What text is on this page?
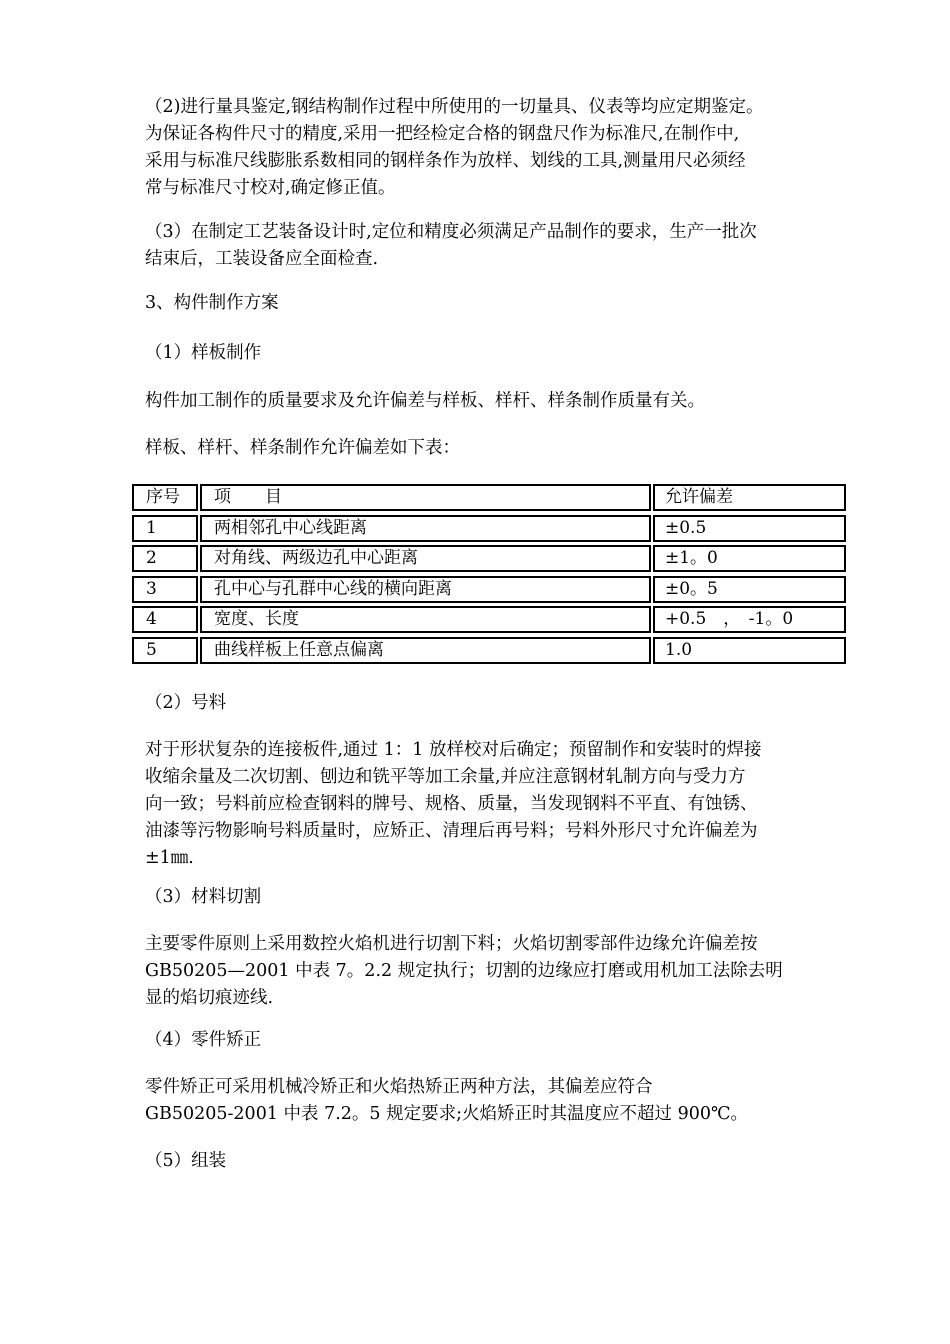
（2)进行量具鉴定,钢结构制作过程中所使用的一切量具、仪表等均应定期鉴定。
为保证各构件尺寸的精度,采用一把经检定合格的钢盘尺作为标准尺,在制作中,
采用与标准尺线膨胀系数相同的钢样条作为放样、划线的工具,测量用尺必须经
常与标准尺寸校对,确定修正值。
（3）在制定工艺装备设计时,定位和精度必须满足产品制作的要求，生产一批次
结束后，工装设备应全面检查.
3、构件制作方案
（1）样板制作
构件加工制作的质量要求及允许偏差与样板、样杆、样条制作质量有关。
样板、样杆、样条制作允许偏差如下表：
序号	项　　目	允许偏差
1	两相邻孔中心线距离	±0.5
2	对角线、两级边孔中心距离	±1。0
3	孔中心与孔群中心线的横向距离	±0。5
4	宽度、长度	+0.5　，　-1。0
5	曲线样板上任意点偏离	1.0
（2）号料
对于形状复杂的连接板件,通过 1：1 放样校对后确定；预留制作和安装时的焊接
收缩余量及二次切割、刨边和铣平等加工余量,并应注意钢材轧制方向与受力方
向一致；号料前应检查钢料的牌号、规格、质量，当发现钢料不平直、有蚀锈、
油漆等污物影响号料质量时，应矫正、清理后再号料；号料外形尺寸允许偏差为
±1㎜.
（3）材料切割
主要零件原则上采用数控火焰机进行切割下料；火焰切割零部件边缘允许偏差按
GB50205—2001 中表 7。2.2 规定执行；切割的边缘应打磨或用机加工法除去明
显的焰切痕迹线.
（4）零件矫正
零件矫正可采用机械冷矫正和火焰热矫正两种方法，其偏差应符合
GB50205-2001 中表 7.2。5 规定要求;火焰矫正时其温度应不超过 900℃。
（5）组装
